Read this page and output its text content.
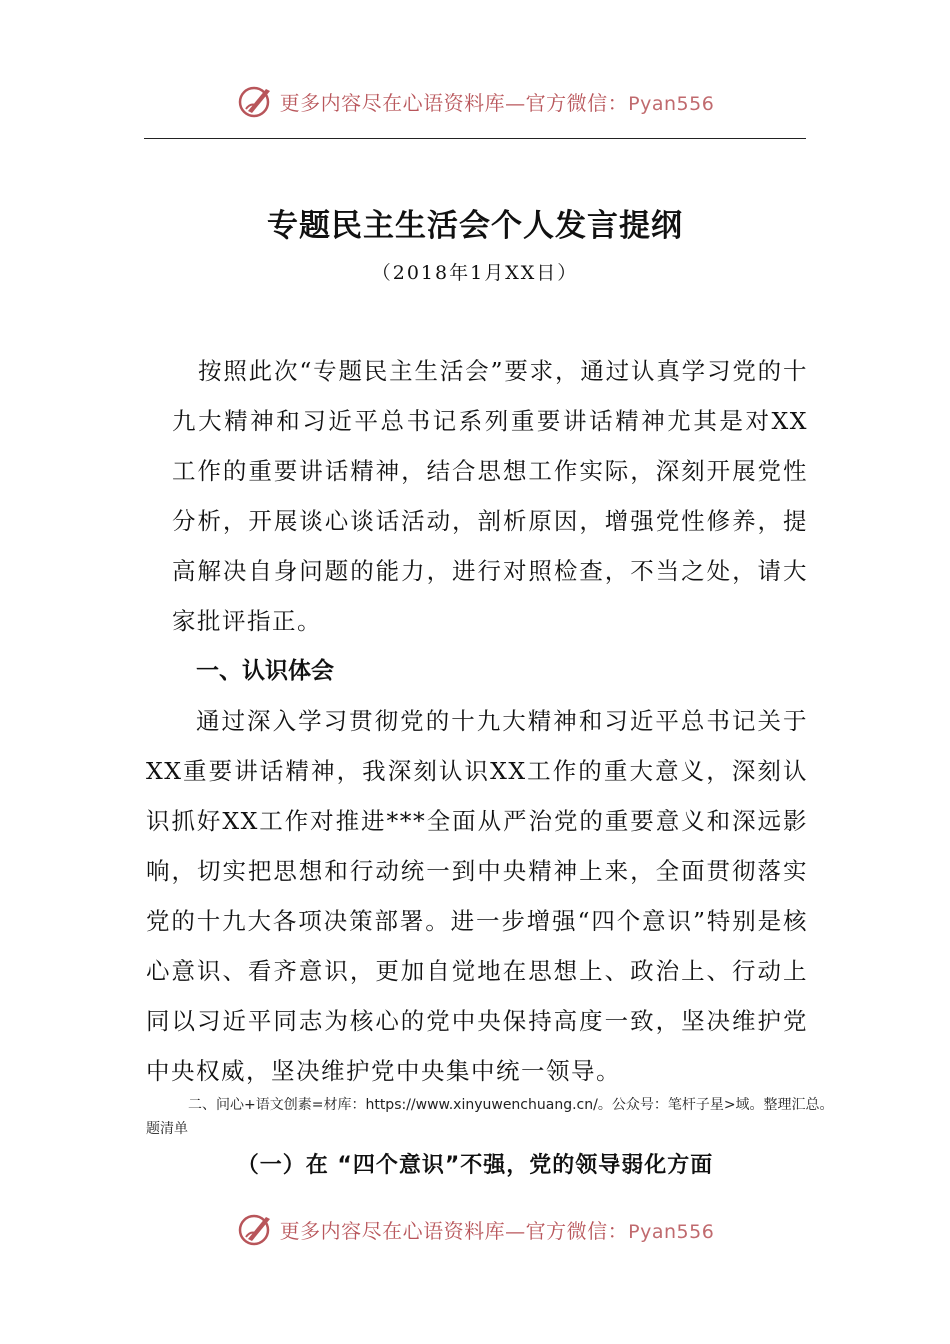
更多内容尽在心语资料库—官方微信：Pyan556
专题民主生活会个人发言提纲
（2018年1月XX日）

按照此次“专题民主生活会”要求，通过认真学习党的十九大精神和习近平总书记系列重要讲话精神尤其是对XX工作的重要讲话精神，结合思想工作实际，深刻开展党性分析，开展谈心谈话活动，剖析原因，增强党性修养，提高解决自身问题的能力，进行对照检查，不当之处，请大家批评指正。

一、认识体会

通过深入学习贯彻党的十九大精神和习近平总书记关于XX重要讲话精神，我深刻认识XX工作的重大意义，深刻认识抓好XX工作对推进***全面从严治党的重要意义和深远影响，切实把思想和行动统一到中央精神上来，全面贯彻落实党的十九大各项决策部署。进一步增强“四个意识”特别是核心意识、看齐意识，更加自觉地在思想上、政治上、行动上同以习近平同志为核心的党中央保持高度一致，坚决维护党中央权威，坚决维护党中央集中统一领导。

二、问心+语文创素=材库：https://www.xinyuwenchuang.cn/。公众号：笔杆子星>域。整理汇总。题清单

（一）在 “四个意识”不强，党的领导弱化方面
更多内容尽在心语资料库—官方微信：Pyan556
